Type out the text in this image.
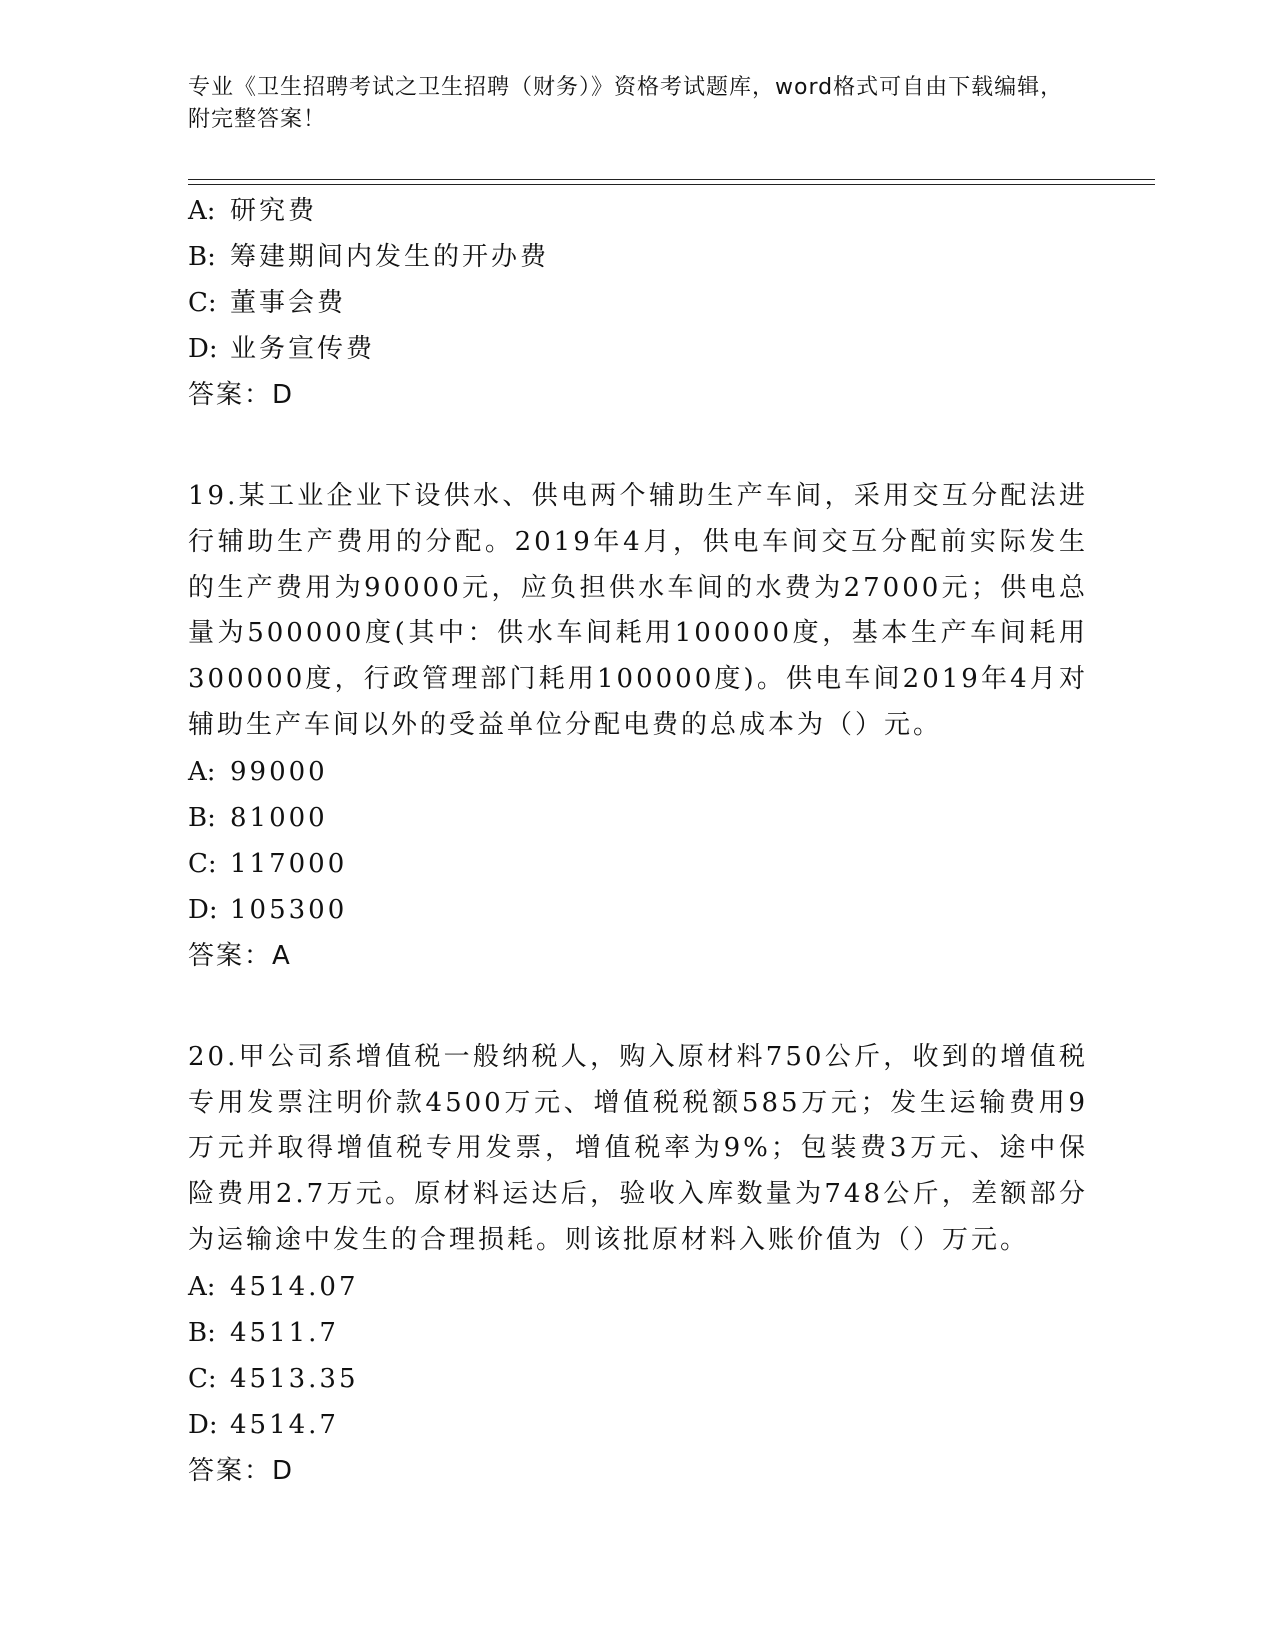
专业《卫生招聘考试之卫生招聘（财务）》资格考试题库，word格式可自由下载编辑，附完整答案！
A: 研究费
B: 筹建期间内发生的开办费
C: 董事会费
D: 业务宣传费
答案：D
19.某工业企业下设供水、供电两个辅助生产车间，采用交互分配法进行辅助生产费用的分配。2019年4月，供电车间交互分配前实际发生的生产费用为90000元，应负担供水车间的水费为27000元；供电总量为500000度(其中：供水车间耗用100000度，基本生产车间耗用300000度，行政管理部门耗用100000度)。供电车间2019年4月对辅助生产车间以外的受益单位分配电费的总成本为（）元。
A: 99000
B: 81000
C: 117000
D: 105300
答案：A
20.甲公司系增值税一般纳税人，购入原材料750公斤，收到的增值税专用发票注明价款4500万元、增值税税额585万元；发生运输费用9万元并取得增值税专用发票，增值税率为9%；包装费3万元、途中保险费用2.7万元。原材料运达后，验收入库数量为748公斤，差额部分为运输途中发生的合理损耗。则该批原材料入账价值为（）万元。
A: 4514.07
B: 4511.7
C: 4513.35
D: 4514.7
答案：D
